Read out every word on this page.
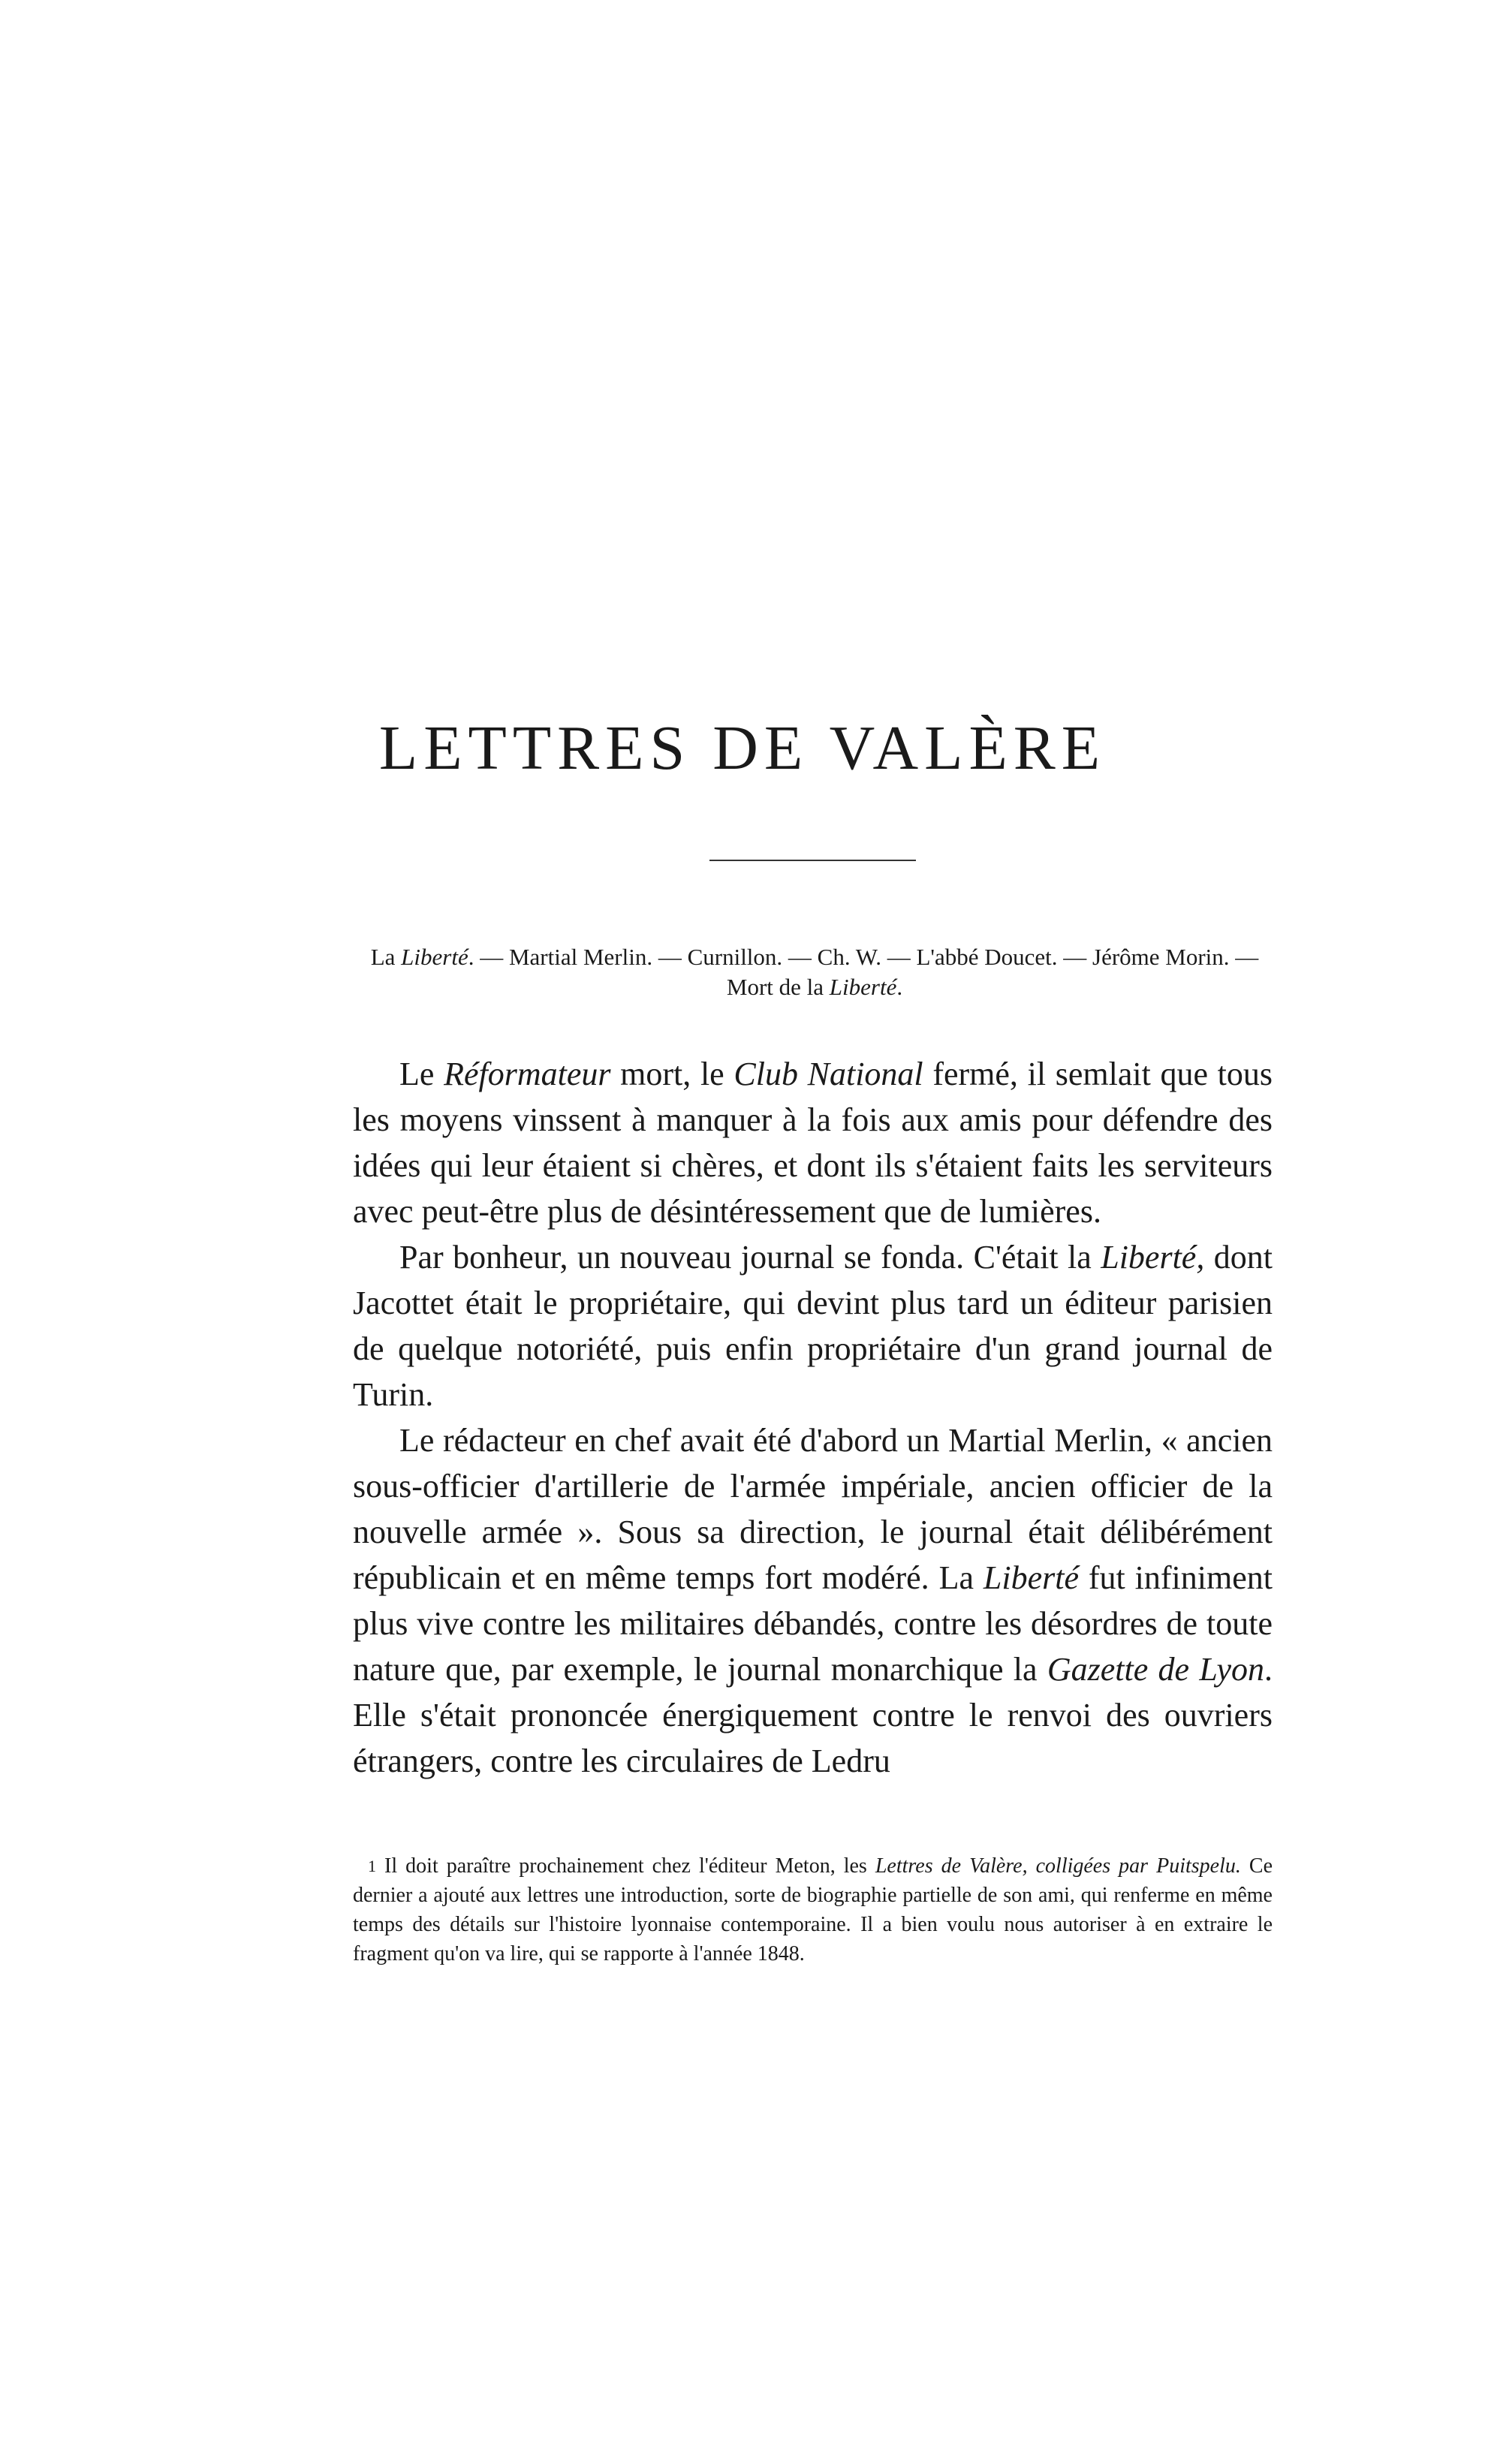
LETTRES DE VALÈRE
La Liberté. — Martial Merlin. — Curnillon. — Ch. W. — L'abbé Doucet. — Jérôme Morin. — Mort de la Liberté.

Le Réformateur mort, le Club National fermé, il semlait que tous les moyens vinssent à manquer à la fois aux amis pour défendre des idées qui leur étaient si chères, et dont ils s'étaient faits les serviteurs avec peut-être plus de désintéressement que de lumières.

Par bonheur, un nouveau journal se fonda. C'était la Liberté, dont Jacottet était le propriétaire, qui devint plus tard un éditeur parisien de quelque notoriété, puis enfin propriétaire d'un grand journal de Turin.

Le rédacteur en chef avait été d'abord un Martial Merlin, « ancien sous-officier d'artillerie de l'armée impériale, ancien officier de la nouvelle armée ». Sous sa direction, le journal était délibérément républicain et en même temps fort modéré. La Liberté fut infiniment plus vive contre les militaires débandés, contre les désordres de toute nature que, par exemple, le journal monarchique la Gazette de Lyon. Elle s'était prononcée énergiquement contre le renvoi des ouvriers étrangers, contre les circulaires de Ledru

$^1$ Il doit paraître prochainement chez l'éditeur Meton, les Lettres de Valère, colligées par Puitspelu. Ce dernier a ajouté aux lettres une introduction, sorte de biographie partielle de son ami, qui renferme en même temps des détails sur l'histoire lyonnaise contemporaine. Il a bien voulu nous autoriser à en extraire le fragment qu'on va lire, qui se rapporte à l'année 1848.
